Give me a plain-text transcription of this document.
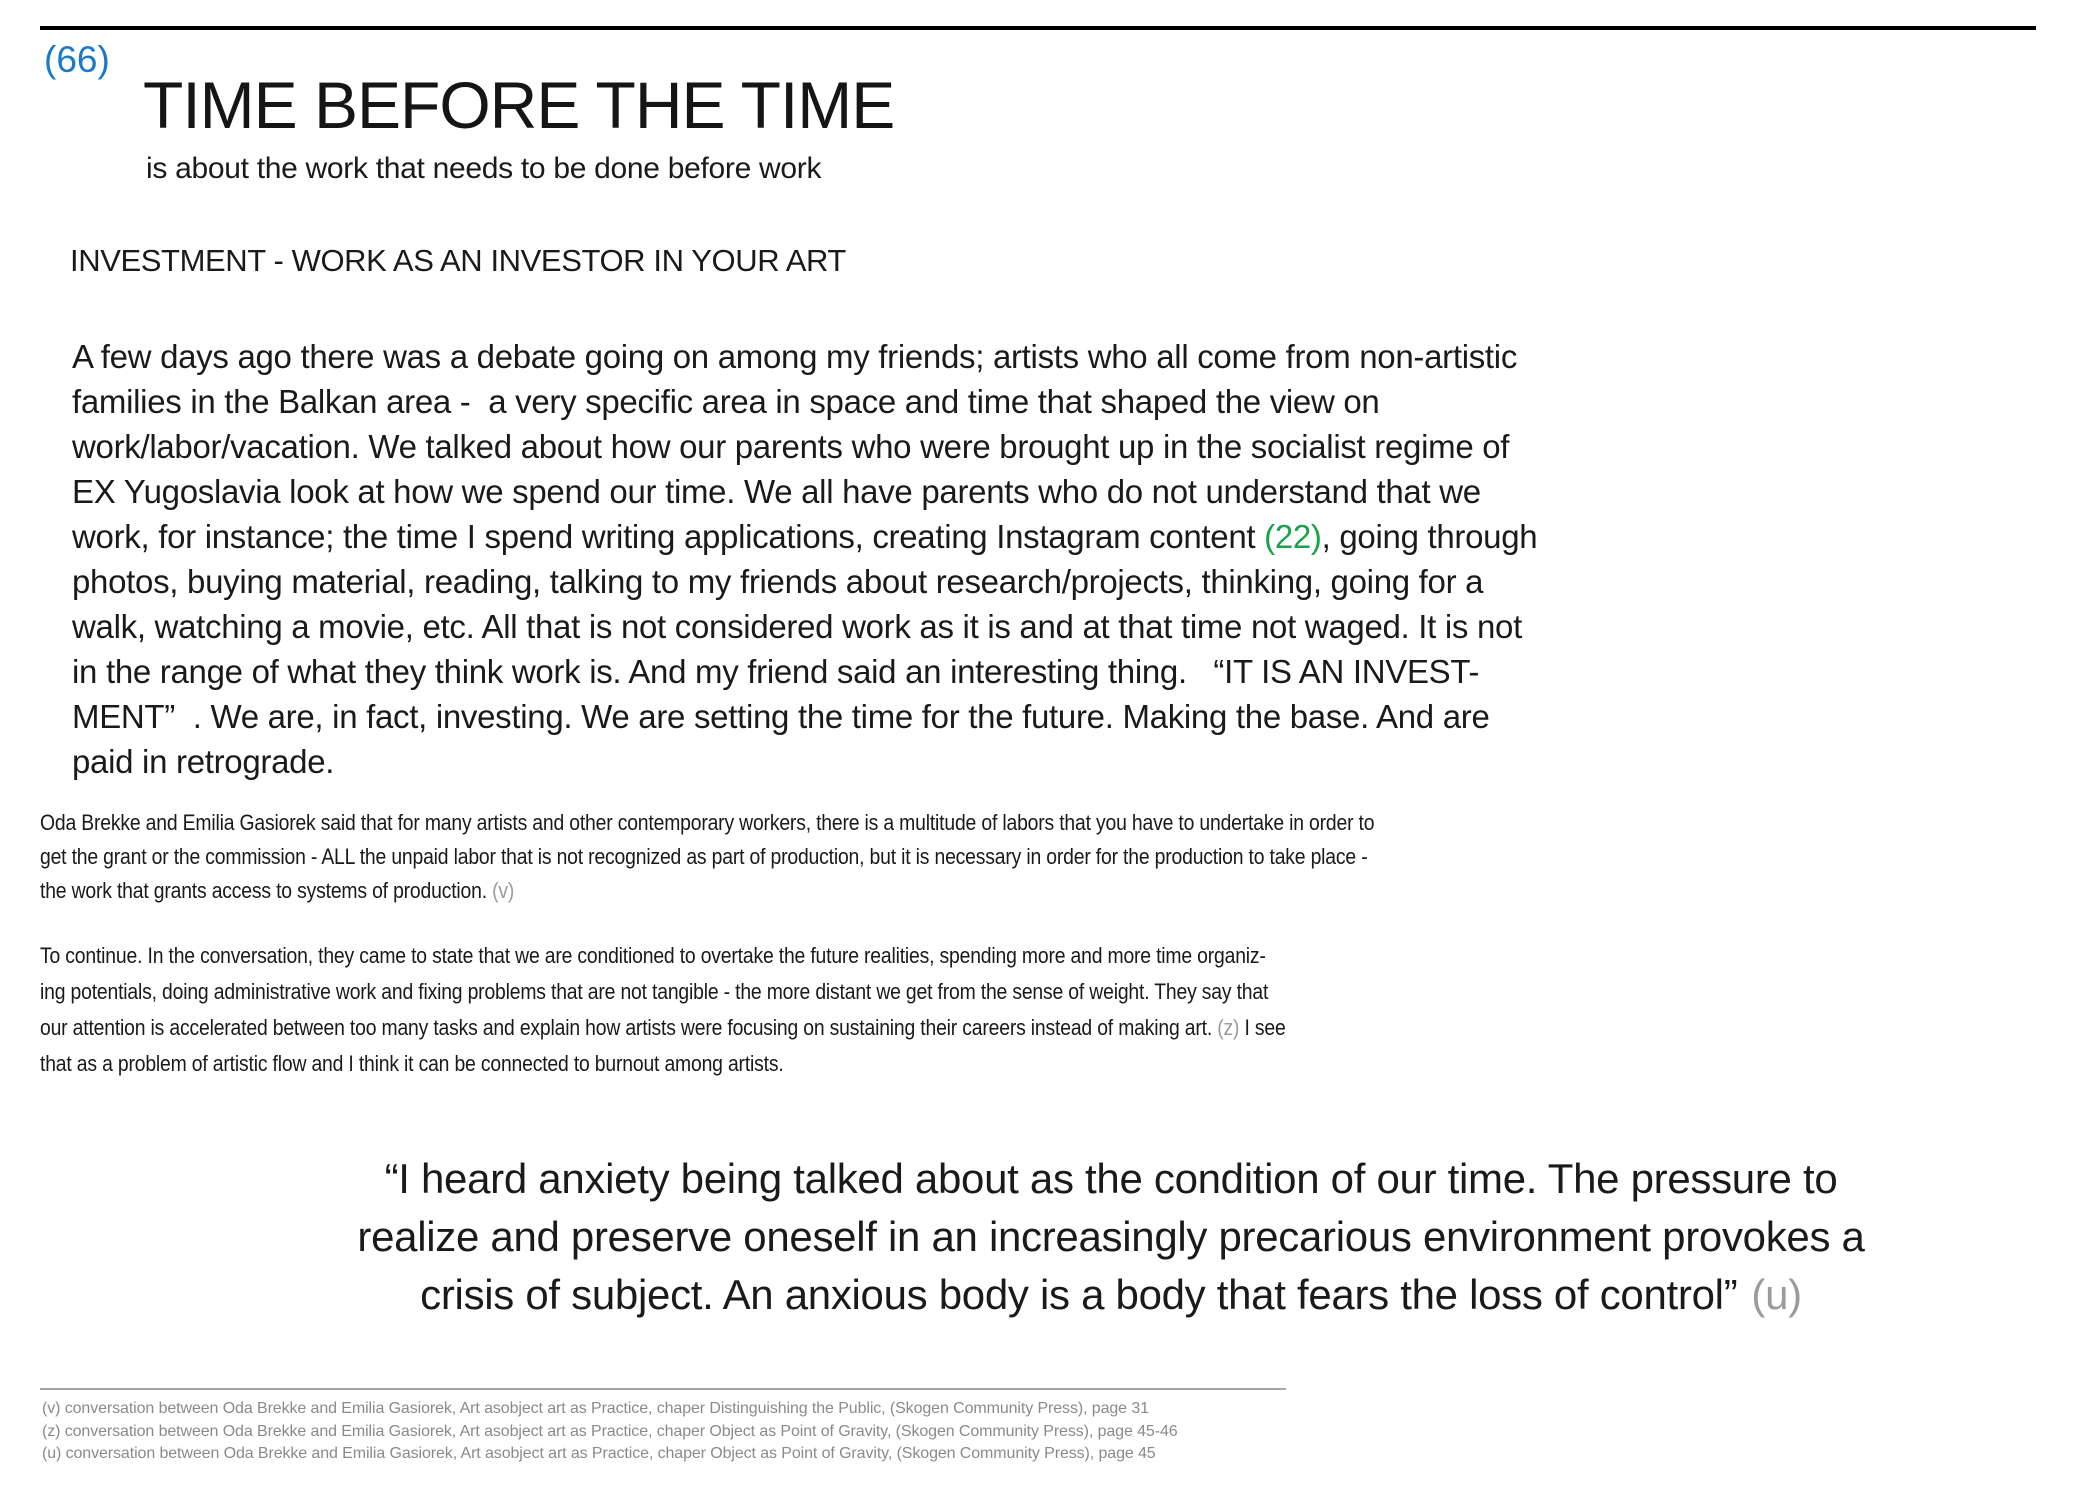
(66)
TIME BEFORE THE TIME
is about the work that needs to be done before work
INVESTMENT - WORK AS AN INVESTOR IN YOUR ART
A few days ago there was a debate going on among my friends; artists who all come from non-artistic
families in the Balkan area -  a very specific area in space and time that shaped the view on
work/labor/vacation. We talked about how our parents who were brought up in the socialist regime of
EX Yugoslavia look at how we spend our time. We all have parents who do not understand that we
work, for instance; the time I spend writing applications, creating Instagram content (22), going through
photos, buying material, reading, talking to my friends about research/projects, thinking, going for a
walk, watching a movie, etc. All that is not considered work as it is and at that time not waged. It is not
in the range of what they think work is. And my friend said an interesting thing.   “IT IS AN INVEST-
MENT”  . We are, in fact, investing. We are setting the time for the future. Making the base. And are
paid in retrograde.
Oda Brekke and Emilia Gasiorek said that for many artists and other contemporary workers, there is a multitude of labors that you have to undertake in order to
get the grant or the commission - ALL the unpaid labor that is not recognized as part of production, but it is necessary in order for the production to take place -
the work that grants access to systems of production. (v)
To continue. In the conversation, they came to state that we are conditioned to overtake the future realities, spending more and more time organiz-
ing potentials, doing administrative work and fixing problems that are not tangible - the more distant we get from the sense of weight. They say that
our attention is accelerated between too many tasks and explain how artists were focusing on sustaining their careers instead of making art. (z) I see
that as a problem of artistic flow and I think it can be connected to burnout among artists.
“I heard anxiety being talked about as the condition of our time. The pressure to
realize and preserve oneself in an increasingly precarious environment provokes a
crisis of subject. An anxious body is a body that fears the loss of control” (u)
(v) conversation between Oda Brekke and Emilia Gasiorek, Art asobject art as Practice, chaper Distinguishing the Public, (Skogen Community Press), page 31
(z) conversation between Oda Brekke and Emilia Gasiorek, Art asobject art as Practice, chaper Object as Point of Gravity, (Skogen Community Press), page 45-46
(u) conversation between Oda Brekke and Emilia Gasiorek, Art asobject art as Practice, chaper Object as Point of Gravity, (Skogen Community Press), page 45
